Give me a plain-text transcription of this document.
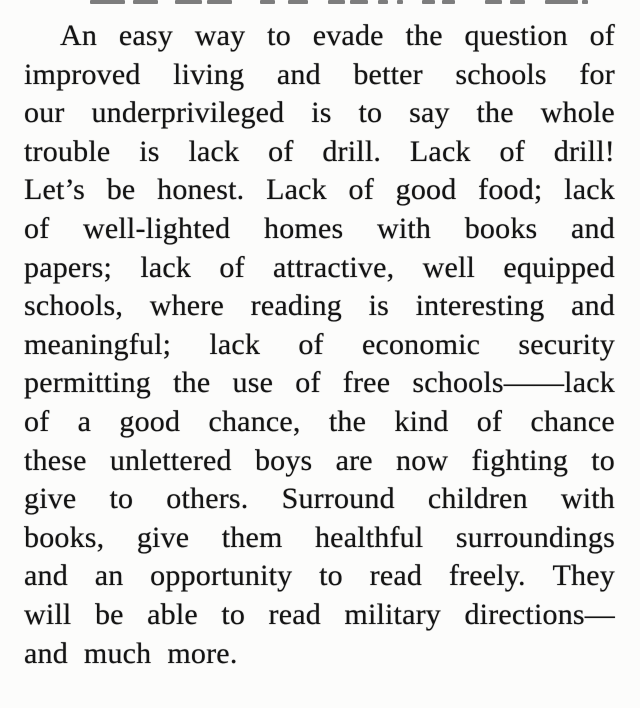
An easy way to evade the question of
improved living and better schools for
our underprivileged is to say the whole
trouble is lack of drill. Lack of drill!
Let’s be honest. Lack of good food; lack
of well-lighted homes with books and
papers; lack of attractive, well equipped
schools, where reading is interesting and
meaningful; lack of economic security
permitting the use of free schools——lack
of a good chance, the kind of chance
these unlettered boys are now fighting to
give to others. Surround children with
books, give them healthful surroundings
and an opportunity to read freely. They
will be able to read military directions—
and much more.
